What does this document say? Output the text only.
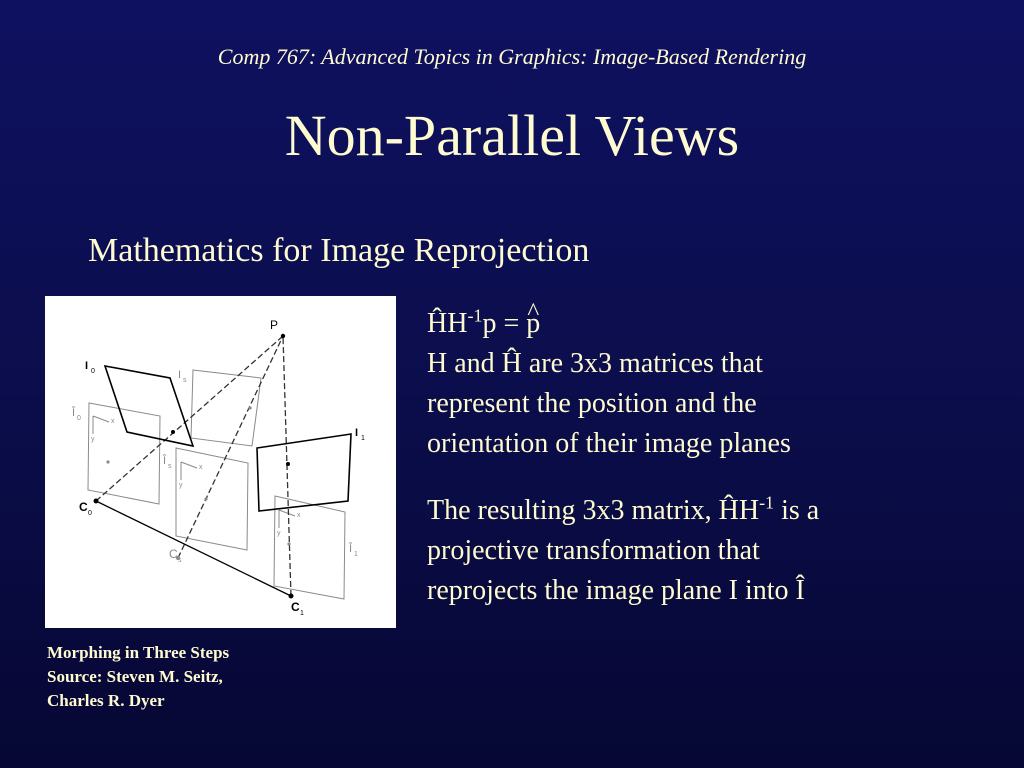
Comp 767: Advanced Topics in Graphics: Image-Based Rendering
Non-Parallel Views
Mathematics for Image Reprojection
x
y
x
y
x
y
P
I 0	I s
I 1
Î 0
Î s
Î 1
C 0
C s
C 1
Morphing in Three Steps
Source: Steven M. Seitz,
Charles R. Dyer

$ĤH^{-1}p$ = ^ p
H and Ĥ are 3x3 matrices that
represent the position and the
orientation of their image planes

The resulting 3x3 matrix, $ĤH^{-1}$ is a
projective transformation that
reprojects the image plane I into Î
